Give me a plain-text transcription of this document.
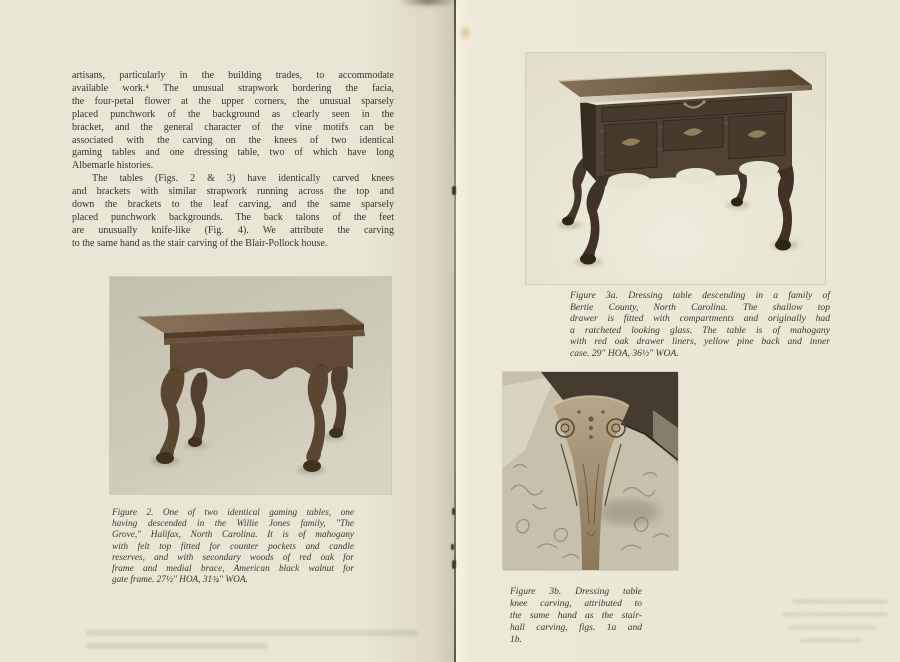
artisans, particularly in the building trades, to accommodate
available work.⁴ The unusual strapwork bordering the facia,
the four-petal flower at the upper corners, the unusual sparsely
placed punchwork of the background as clearly seen in the
bracket, and the general character of the vine motifs can be
associated with the carving on the knees of two identical
gaming tables and one dressing table, two of which have long
Albemarle histories.
  The tables (Figs. 2 & 3) have identically carved knees
and brackets with similar strapwork running across the top and
down the brackets to the leaf carving, and the same sparsely
placed punchwork backgrounds. The back talons of the feet
are unusually knife-like (Fig. 4). We attribute the carving
to the same hand as the stair carving of the Blair-Pollock house.
Figure 2. One of two identical gaming tables, one
having descended in the Willie Jones family, "The
Grove," Halifax, North Carolina. It is of mahogany
with felt top fitted for counter pockets and candle
reserves, and with secondary woods of red oak for
frame and medial brace, American black walnut for
gate frame. 27½″ HOA, 31¾″ WOA.
Figure 3a. Dressing table descending in a family of
Bertie County, North Carolina. The shallow top
drawer is fitted with compartments and originally had
a ratcheted looking glass. The table is of mahogany
with red oak drawer liners, yellow pine back and inner
case. 29″ HOA, 36½″ WOA.
Figure 3b. Dressing table
knee carving, attributed to
the same hand as the stair-
hall carving, figs. 1a and
1b.
